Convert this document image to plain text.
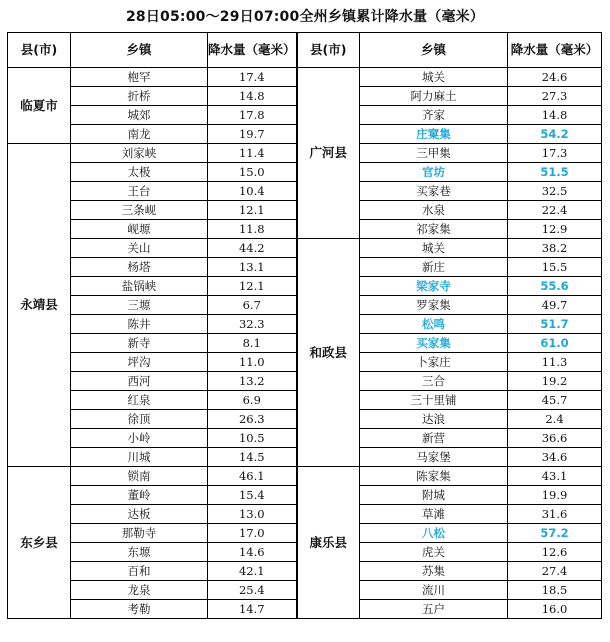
28日05:00～29日07:00全州乡镇累计降水量（毫米）
县(市)	乡镇	降水量（毫米）	县(市)	乡镇	降水量（毫米）
临夏市	枹罕	17.4	广河县	城关	24.6
	折桥	14.8		阿力麻土	27.3
	城郊	17.8		齐家	14.8
	南龙	19.7		庄窠集	54.2
永靖县	刘家峡	11.4		三甲集	17.3
	太极	15.0		官坊	51.5
	王台	10.4		买家巷	32.5
	三条岘	12.1		水泉	22.4
	岘塬	11.8		祁家集	12.9
	关山	44.2	和政县	城关	38.2
	杨塔	13.1		新庄	15.5
	盐锅峡	12.1		梁家寺	55.6
	三塬	6.7		罗家集	49.7
	陈井	32.3		松鸣	51.7
	新寺	8.1		买家集	61.0
	坪沟	11.0		卜家庄	11.3
	西河	13.2		三合	19.2
	红泉	6.9		三十里铺	45.7
	徐顶	26.3		达浪	2.4
	小岭	10.5		新营	36.6
	川城	14.5		马家堡	34.6
东乡县	锁南	46.1	康乐县	陈家集	43.1
	董岭	15.4		附城	19.9
	达板	13.0		草滩	31.6
	那勒寺	17.0		八松	57.2
	东塬	14.6		虎关	12.6
	百和	42.1		苏集	27.4
	龙泉	25.4		流川	18.5
	考勒	14.7		五户	16.0
